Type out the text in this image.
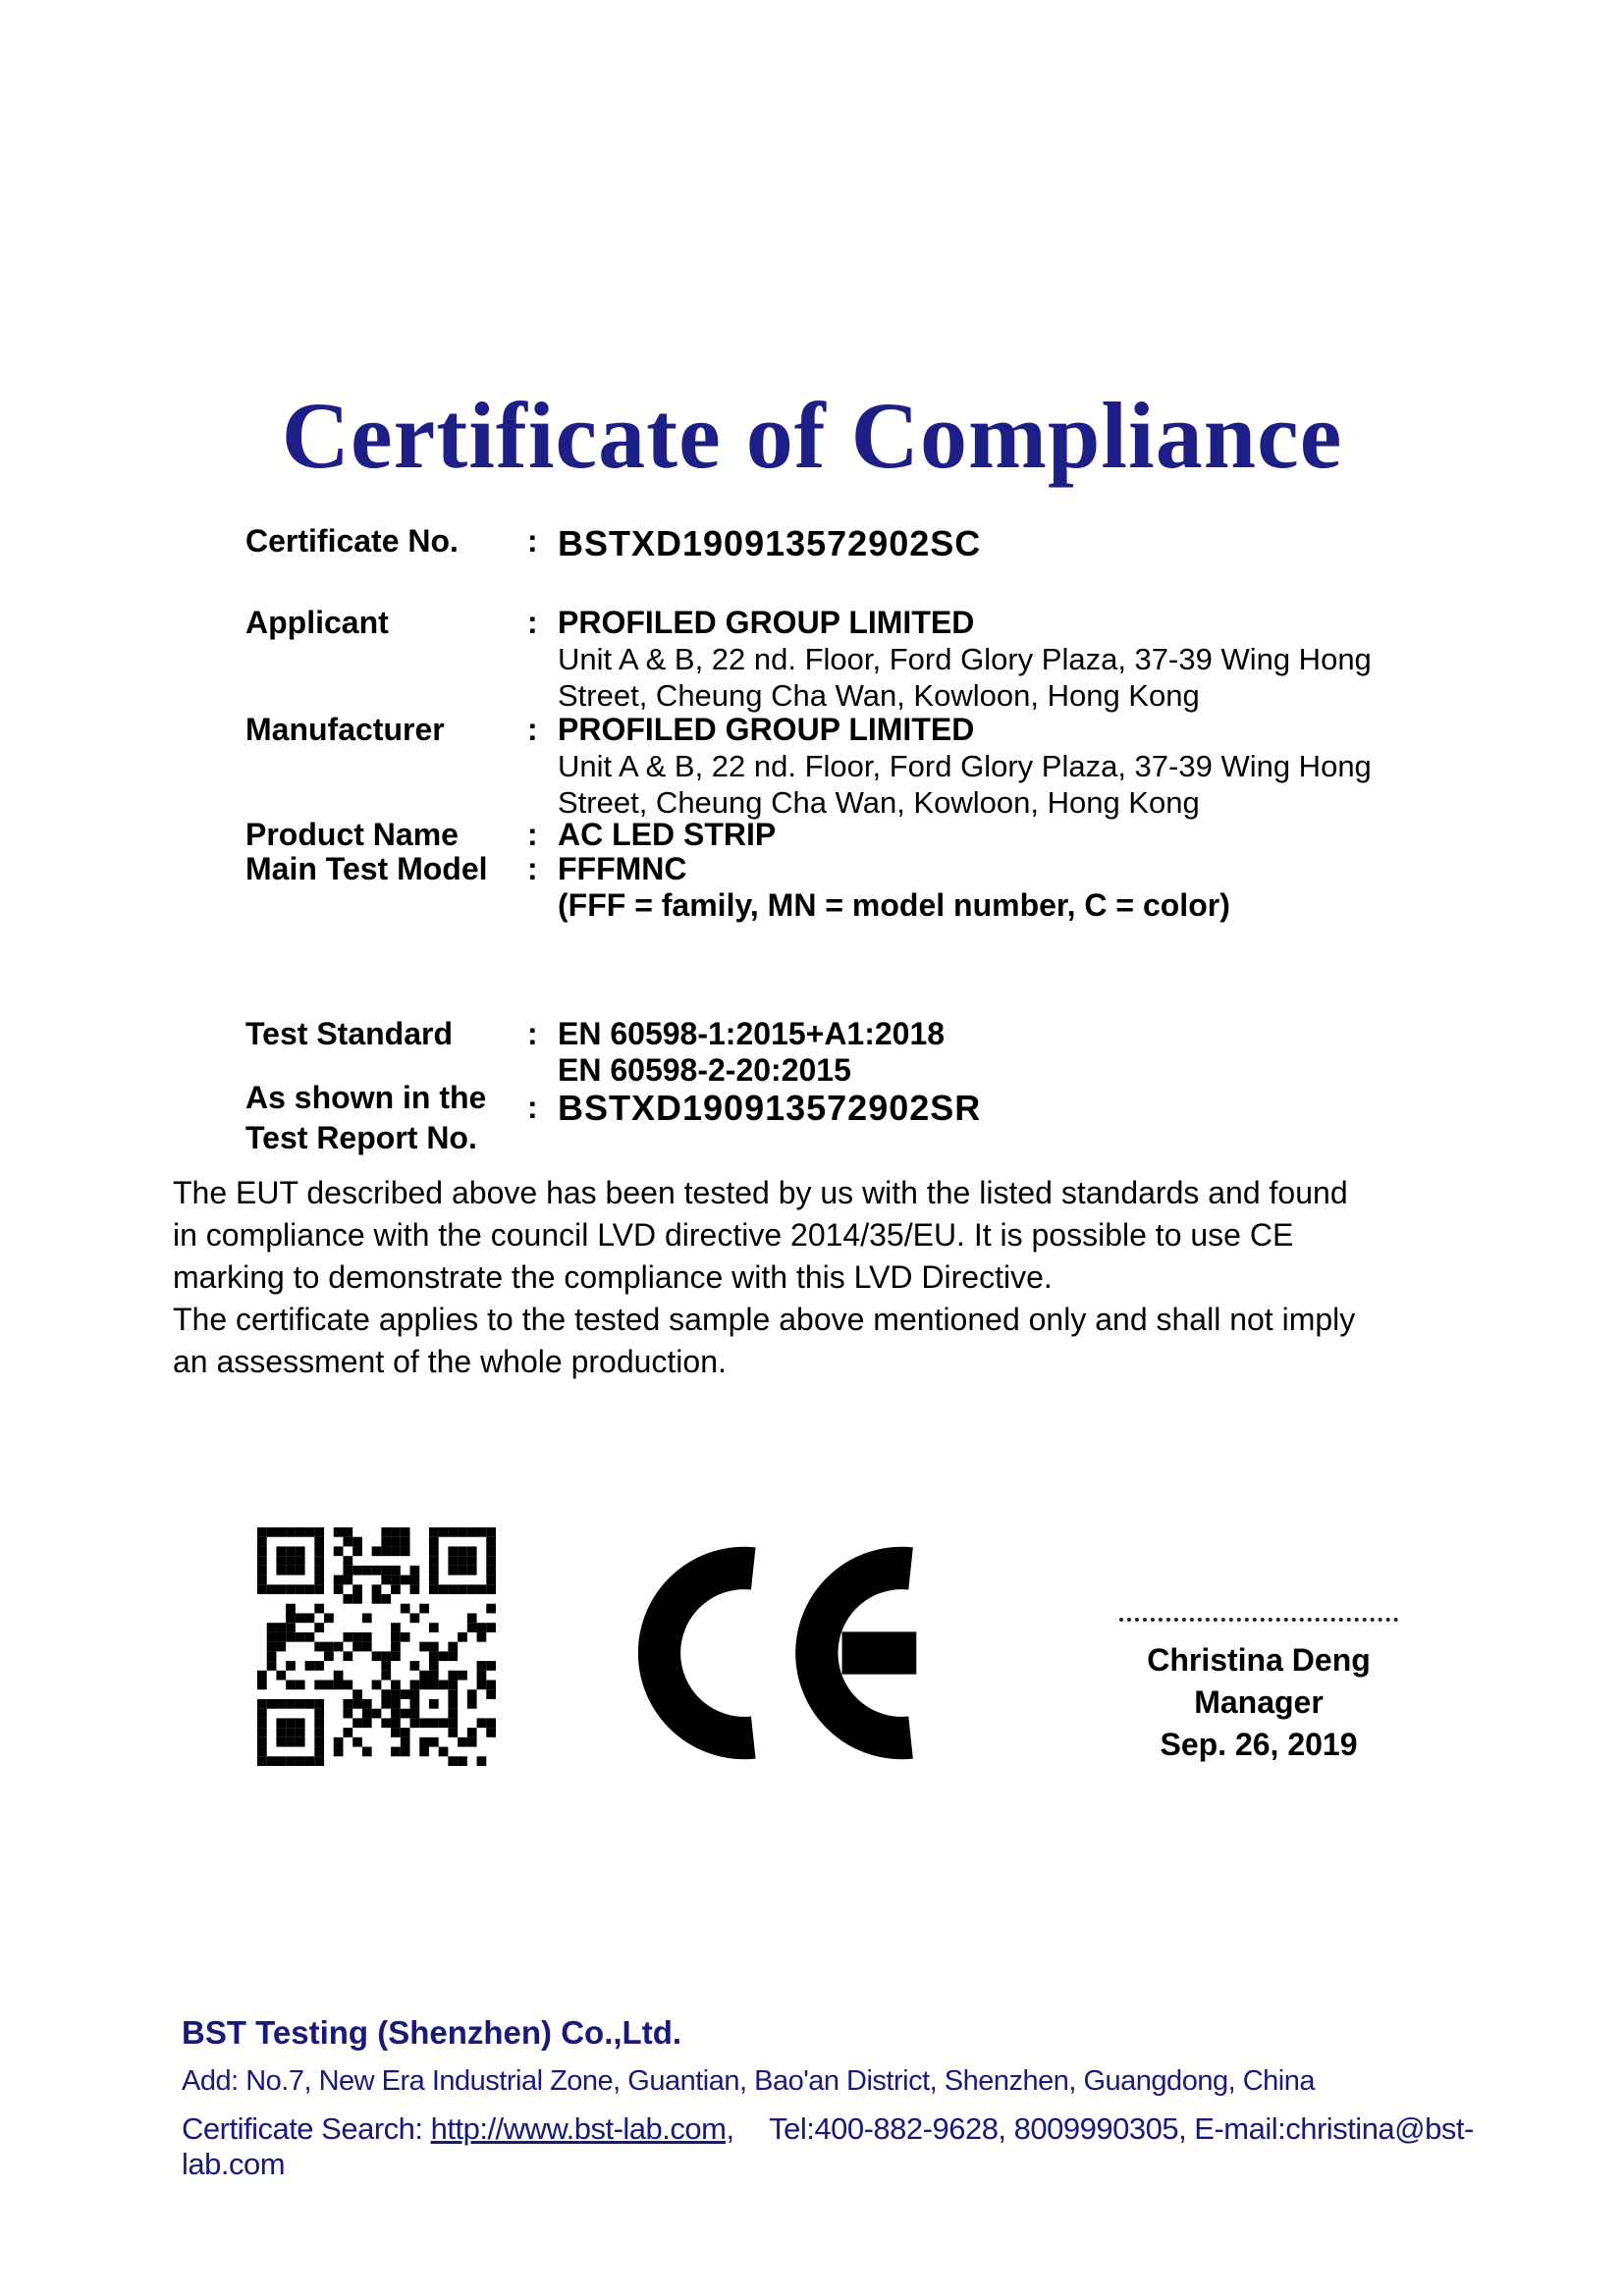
Certificate of Compliance
Certificate No. : BSTXD190913572902SC
Applicant	: PROFILED GROUP LIMITED
Unit A & B, 22 nd. Floor, Ford Glory Plaza, 37-39 Wing Hong
Street, Cheung Cha Wan, Kowloon, Hong Kong
Manufacturer	: PROFILED GROUP LIMITED
Unit A & B, 22 nd. Floor, Ford Glory Plaza, 37-39 Wing Hong
Street, Cheung Cha Wan, Kowloon, Hong Kong
Product Name : AC LED STRIP
Main Test Model : FFFMNC
(FFF = family, MN = model number, C = color)
Test Standard : EN 60598-1:2015+A1:2018
EN 60598-2-20:2015
As shown in the
Test Report No.
: BSTXD190913572902SR
The EUT described above has been tested by us with the listed standards and found
in compliance with the council LVD directive 2014/35/EU. It is possible to use CE
marking to demonstrate the compliance with this LVD Directive.
The certificate applies to the tested sample above mentioned only and shall not imply
an assessment of the whole production.
Christina Deng
Manager
Sep. 26, 2019
BST Testing (Shenzhen) Co.,Ltd.
Add: No.7, New Era Industrial Zone, Guantian, Bao'an District, Shenzhen, Guangdong, China
Certificate Search: http://www.bst-lab.com, Tel:400-882-9628, 8009990305, E-mail:christina@bst-lab.com
